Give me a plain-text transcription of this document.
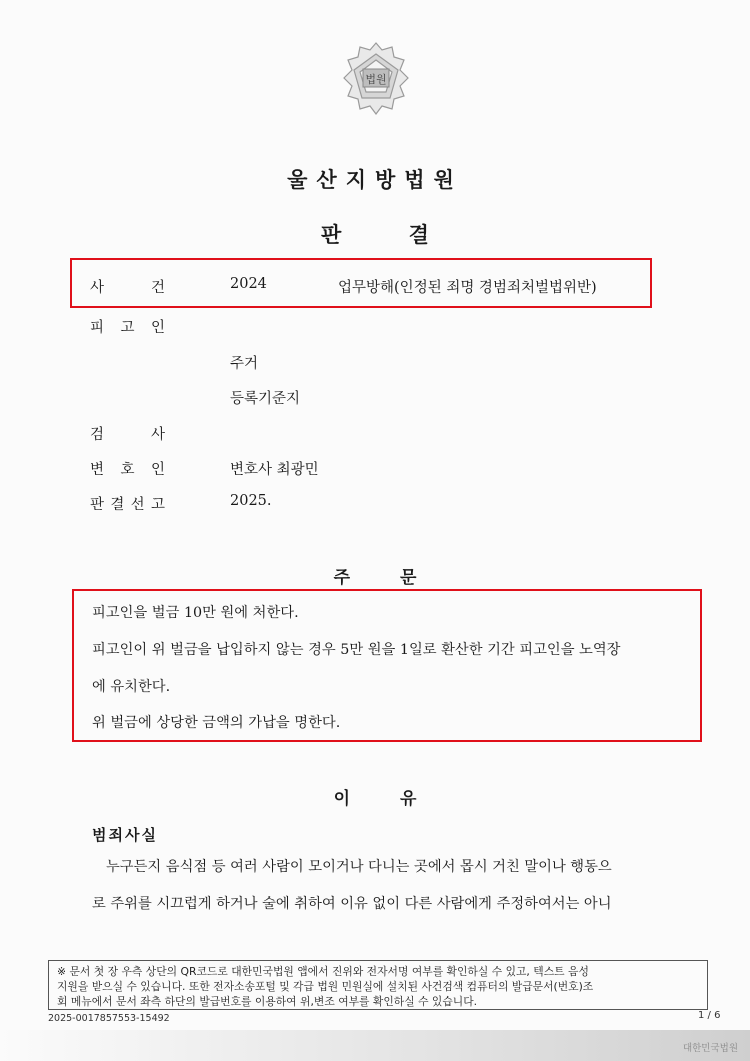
법원
울산지방법원
판 결
사	건	2024	업무방해(인정된 죄명 경범죄처벌법위반)
피 고 인
주거
등록기준지
검	사
변 호 인	변호사 최광민
판 결 선 고	2025.
주 문
피고인을 벌금 10만 원에 처한다.
피고인이 위 벌금을 납입하지 않는 경우 5만 원을 1일로 환산한 기간 피고인을 노역장
에 유치한다.
위 벌금에 상당한 금액의 가납을 명한다.
이 유
범죄사실
누구든지 음식점 등 여러 사람이 모이거나 다니는 곳에서 몹시 거친 말이나 행동으
로 주위를 시끄럽게 하거나 술에 취하여 이유 없이 다른 사람에게 주정하여서는 아니
※ 문서 첫 장 우측 상단의 QR코드로 대한민국법원 앱에서 진위와 전자서명 여부를 확인하실 수 있고, 텍스트 음성
지원을 받으실 수 있습니다. 또한 전자소송포털 및 각급 법원 민원실에 설치된 사건검색 컴퓨터의 발급문서(번호)조
회 메뉴에서 문서 좌측 하단의 발급번호를 이용하여 위,변조 여부를 확인하실 수 있습니다.
2025-0017857553-15492	1 / 6
대한민국법원
